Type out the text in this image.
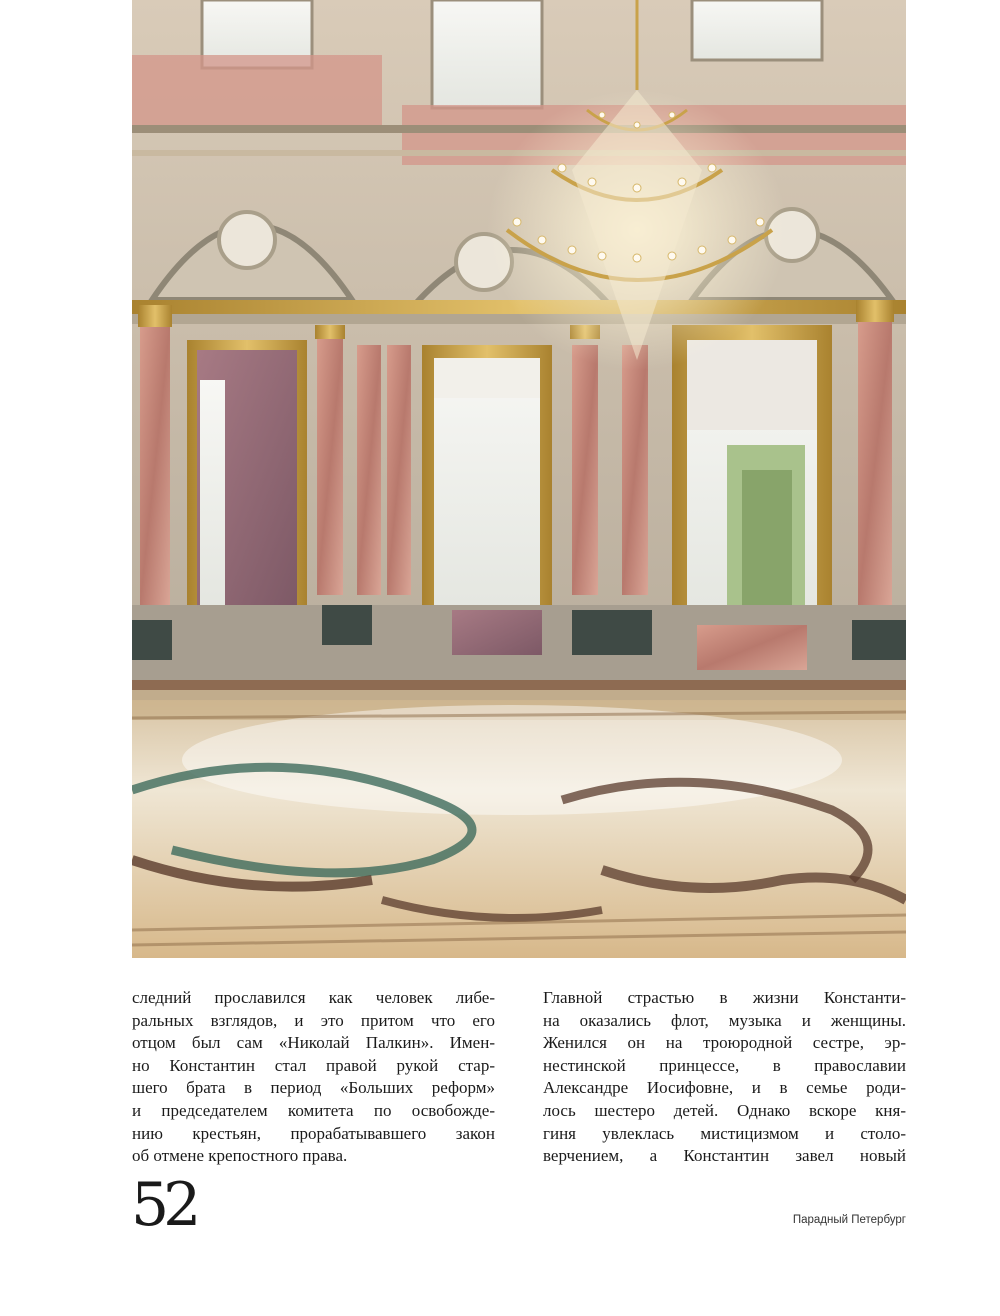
следний прославился как человек либе-
ральных взглядов, и это притом что его
отцом был сам «Николай Палкин». Имен-
но Константин стал правой рукой стар-
шего брата в период «Больших реформ»
и председателем комитета по освобожде-
нию крестьян, прорабатывавшего закон
об отмене крепостного права.
Главной страстью в жизни Константи-
на оказались флот, музыка и женщины.
Женился он на троюродной сестре, эр-
нестинской принцессе, в православии
Александре Иосифовне, и в семье роди-
лось шестеро детей. Однако вскоре кня-
гиня увлеклась мистицизмом и столо-
верчением, а Константин завел новый
52	Парадный Петербург
